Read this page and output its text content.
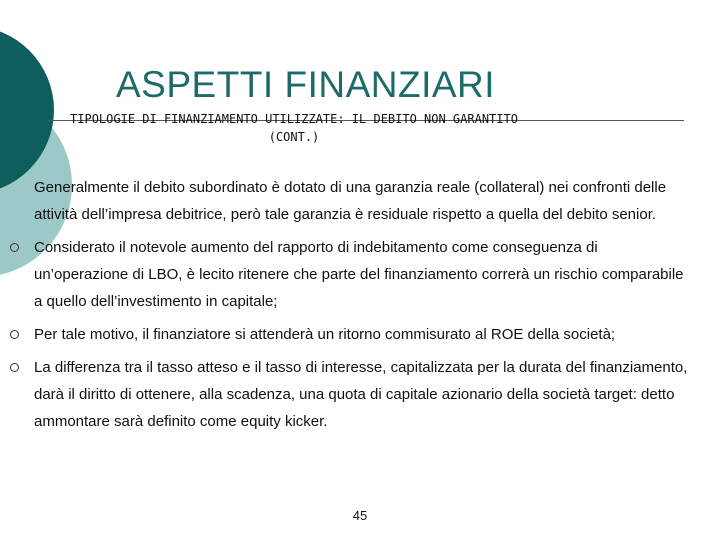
ASPETTI FINANZIARI
TIPOLOGIE DI FINANZIAMENTO UTILIZZATE: IL DEBITO NON GARANTITO (CONT.)
Generalmente il debito subordinato è dotato di una garanzia reale (collateral) nei confronti delle attività dell’impresa debitrice, però tale garanzia è residuale rispetto a quella del debito senior.
Considerato il notevole aumento del rapporto di indebitamento come conseguenza di un’operazione di LBO, è lecito ritenere che parte del finanziamento correrà un rischio comparabile a quello dell’investimento in capitale;
Per tale motivo, il finanziatore si attenderà un ritorno commisurato al ROE della società;
La differenza tra il tasso atteso e il tasso di interesse, capitalizzata per la durata del finanziamento, darà il diritto di ottenere, alla scadenza, una quota di capitale azionario della società target: detto ammontare sarà definito come equity kicker.
45
